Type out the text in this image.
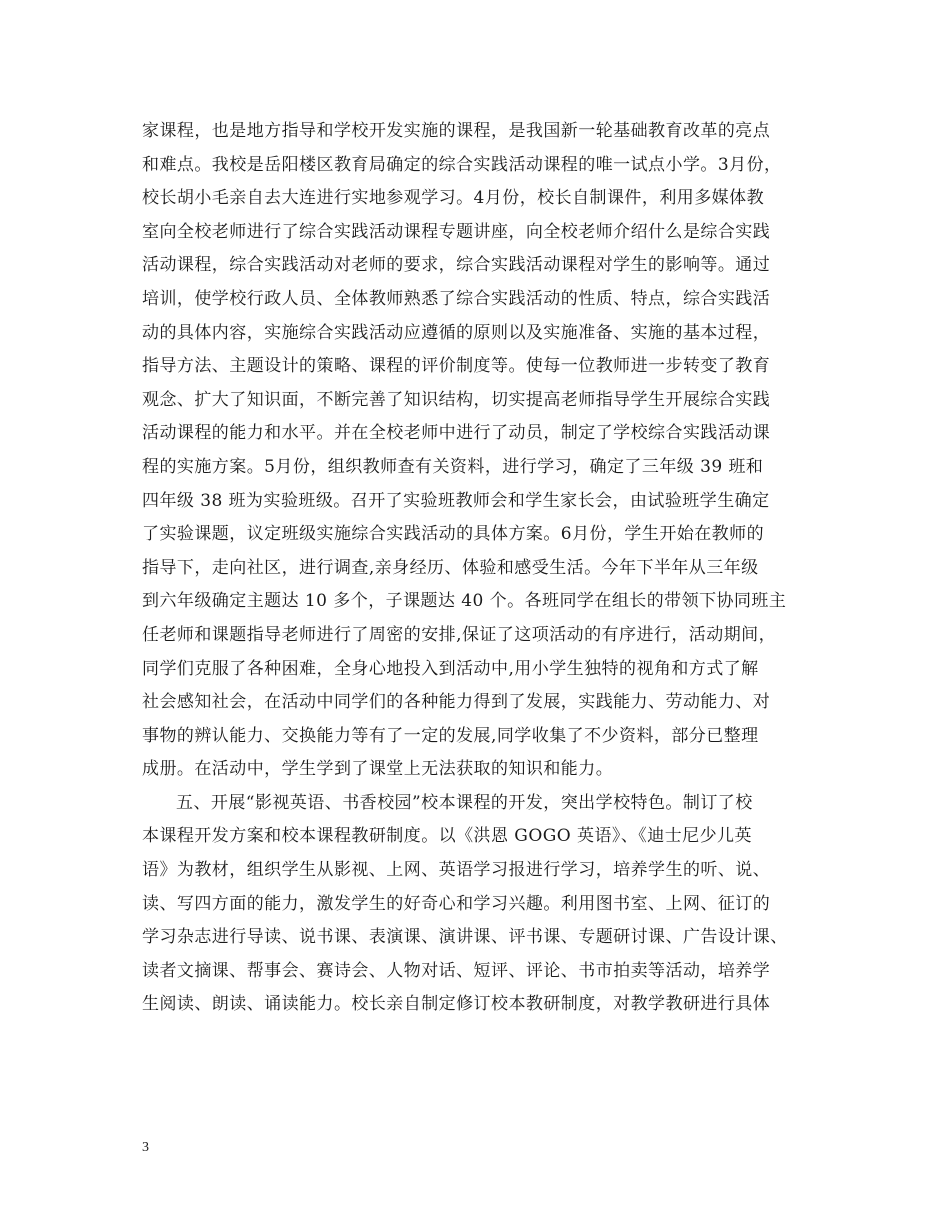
家课程，也是地方指导和学校开发实施的课程，是我国新一轮基础教育改革的亮点
和难点。我校是岳阳楼区教育局确定的综合实践活动课程的唯一试点小学。3月份，
校长胡小毛亲自去大连进行实地参观学习。4月份，校长自制课件，利用多媒体教
室向全校老师进行了综合实践活动课程专题讲座，向全校老师介绍什么是综合实践
活动课程，综合实践活动对老师的要求，综合实践活动课程对学生的影响等。通过
培训，使学校行政人员、全体教师熟悉了综合实践活动的性质、特点，综合实践活
动的具体内容，实施综合实践活动应遵循的原则以及实施准备、实施的基本过程，
指导方法、主题设计的策略、课程的评价制度等。使每一位教师进一步转变了教育
观念、扩大了知识面，不断完善了知识结构，切实提高老师指导学生开展综合实践
活动课程的能力和水平。并在全校老师中进行了动员，制定了学校综合实践活动课
程的实施方案。5月份，组织教师查有关资料，进行学习，确定了三年级 39 班和
四年级 38 班为实验班级。召开了实验班教师会和学生家长会，由试验班学生确定
了实验课题，议定班级实施综合实践活动的具体方案。6月份，学生开始在教师的
指导下，走向社区，进行调查,亲身经历、体验和感受生活。今年下半年从三年级
到六年级确定主题达 10 多个，子课题达 40 个。各班同学在组长的带领下协同班主
任老师和课题指导老师进行了周密的安排,保证了这项活动的有序进行，活动期间，
同学们克服了各种困难，全身心地投入到活动中,用小学生独特的视角和方式了解
社会感知社会，在活动中同学们的各种能力得到了发展，实践能力、劳动能力、对
事物的辨认能力、交换能力等有了一定的发展,同学收集了不少资料，部分已整理
成册。在活动中，学生学到了课堂上无法获取的知识和能力。
五、开展“影视英语、书香校园”校本课程的开发，突出学校特色。制订了校
本课程开发方案和校本课程教研制度。以《洪恩 GOGO 英语》、《迪士尼少儿英
语》为教材，组织学生从影视、上网、英语学习报进行学习，培养学生的听、说、
读、写四方面的能力，激发学生的好奇心和学习兴趣。利用图书室、上网、征订的
学习杂志进行导读、说书课、表演课、演讲课、评书课、专题研讨课、广告设计课、
读者文摘课、帮事会、赛诗会、人物对话、短评、评论、书市拍卖等活动，培养学
生阅读、朗读、诵读能力。校长亲自制定修订校本教研制度，对教学教研进行具体
3
